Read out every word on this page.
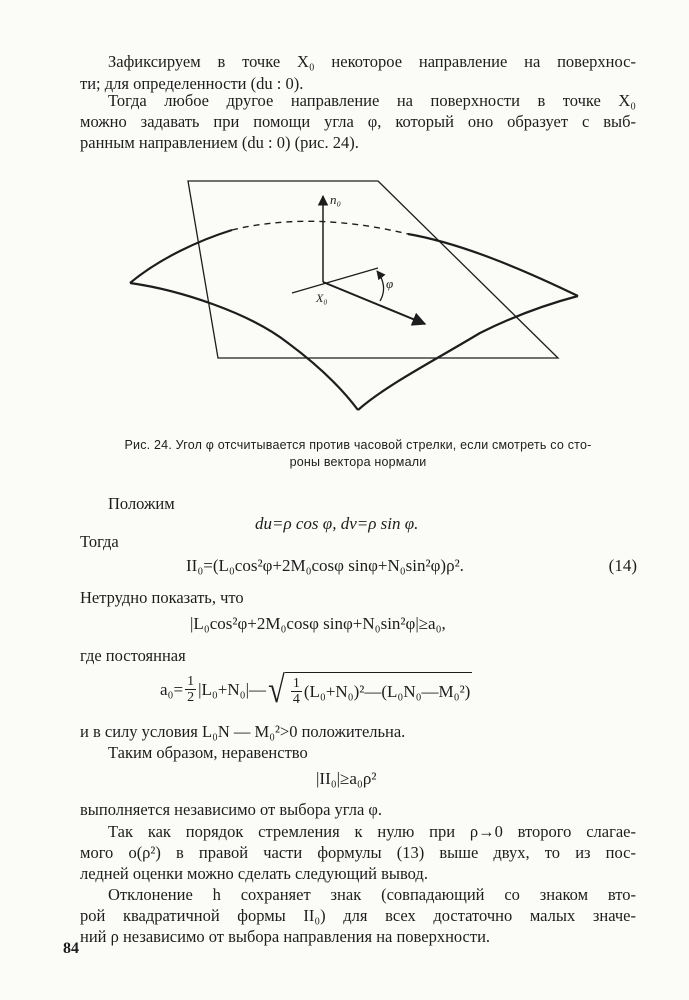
Зафиксируем в точке X₀ некоторое направление на поверхнос-
ти; для определенности (du : 0).
Тогда любое другое направление на поверхности в точке X₀
можно задавать при помощи угла φ, который оно образует с выб-
ранным направлением (du : 0) (рис. 24).
n₀
X₀
φ
Рис. 24. Угол φ отсчитывается против часовой стрелки, если смотреть со сто-
роны вектора нормали
Положим
du=ρ cos φ, dv=ρ sin φ.
Тогда
II₀=(L₀cos²φ+2M₀cosφ sinφ+N₀sin²φ)ρ².	(14)
Нетрудно показать, что
|L₀cos²φ+2M₀cosφ sinφ+N₀sin²φ|≥a₀,
где постоянная
$a_0= \frac{1}{2}$ |L₀+N₀|— √ $\frac{1}{4}$ (L₀+N₀)²—(L₀N₀—M₀²)
и в силу условия L₀N — M₀²>0 положительна.
Таким образом, неравенство
|II₀|≥a₀ρ²
выполняется независимо от выбора угла φ.
Так как порядок стремления к нулю при ρ→0 второго слагае-
мого o(ρ²) в правой части формулы (13) выше двух, то из пос-
ледней оценки можно сделать следующий вывод.
Отклонение h сохраняет знак (совпадающий со знаком вто-
рой квадратичной формы II₀) для всех достаточно малых значе-
ний ρ независимо от выбора направления на поверхности.
84
